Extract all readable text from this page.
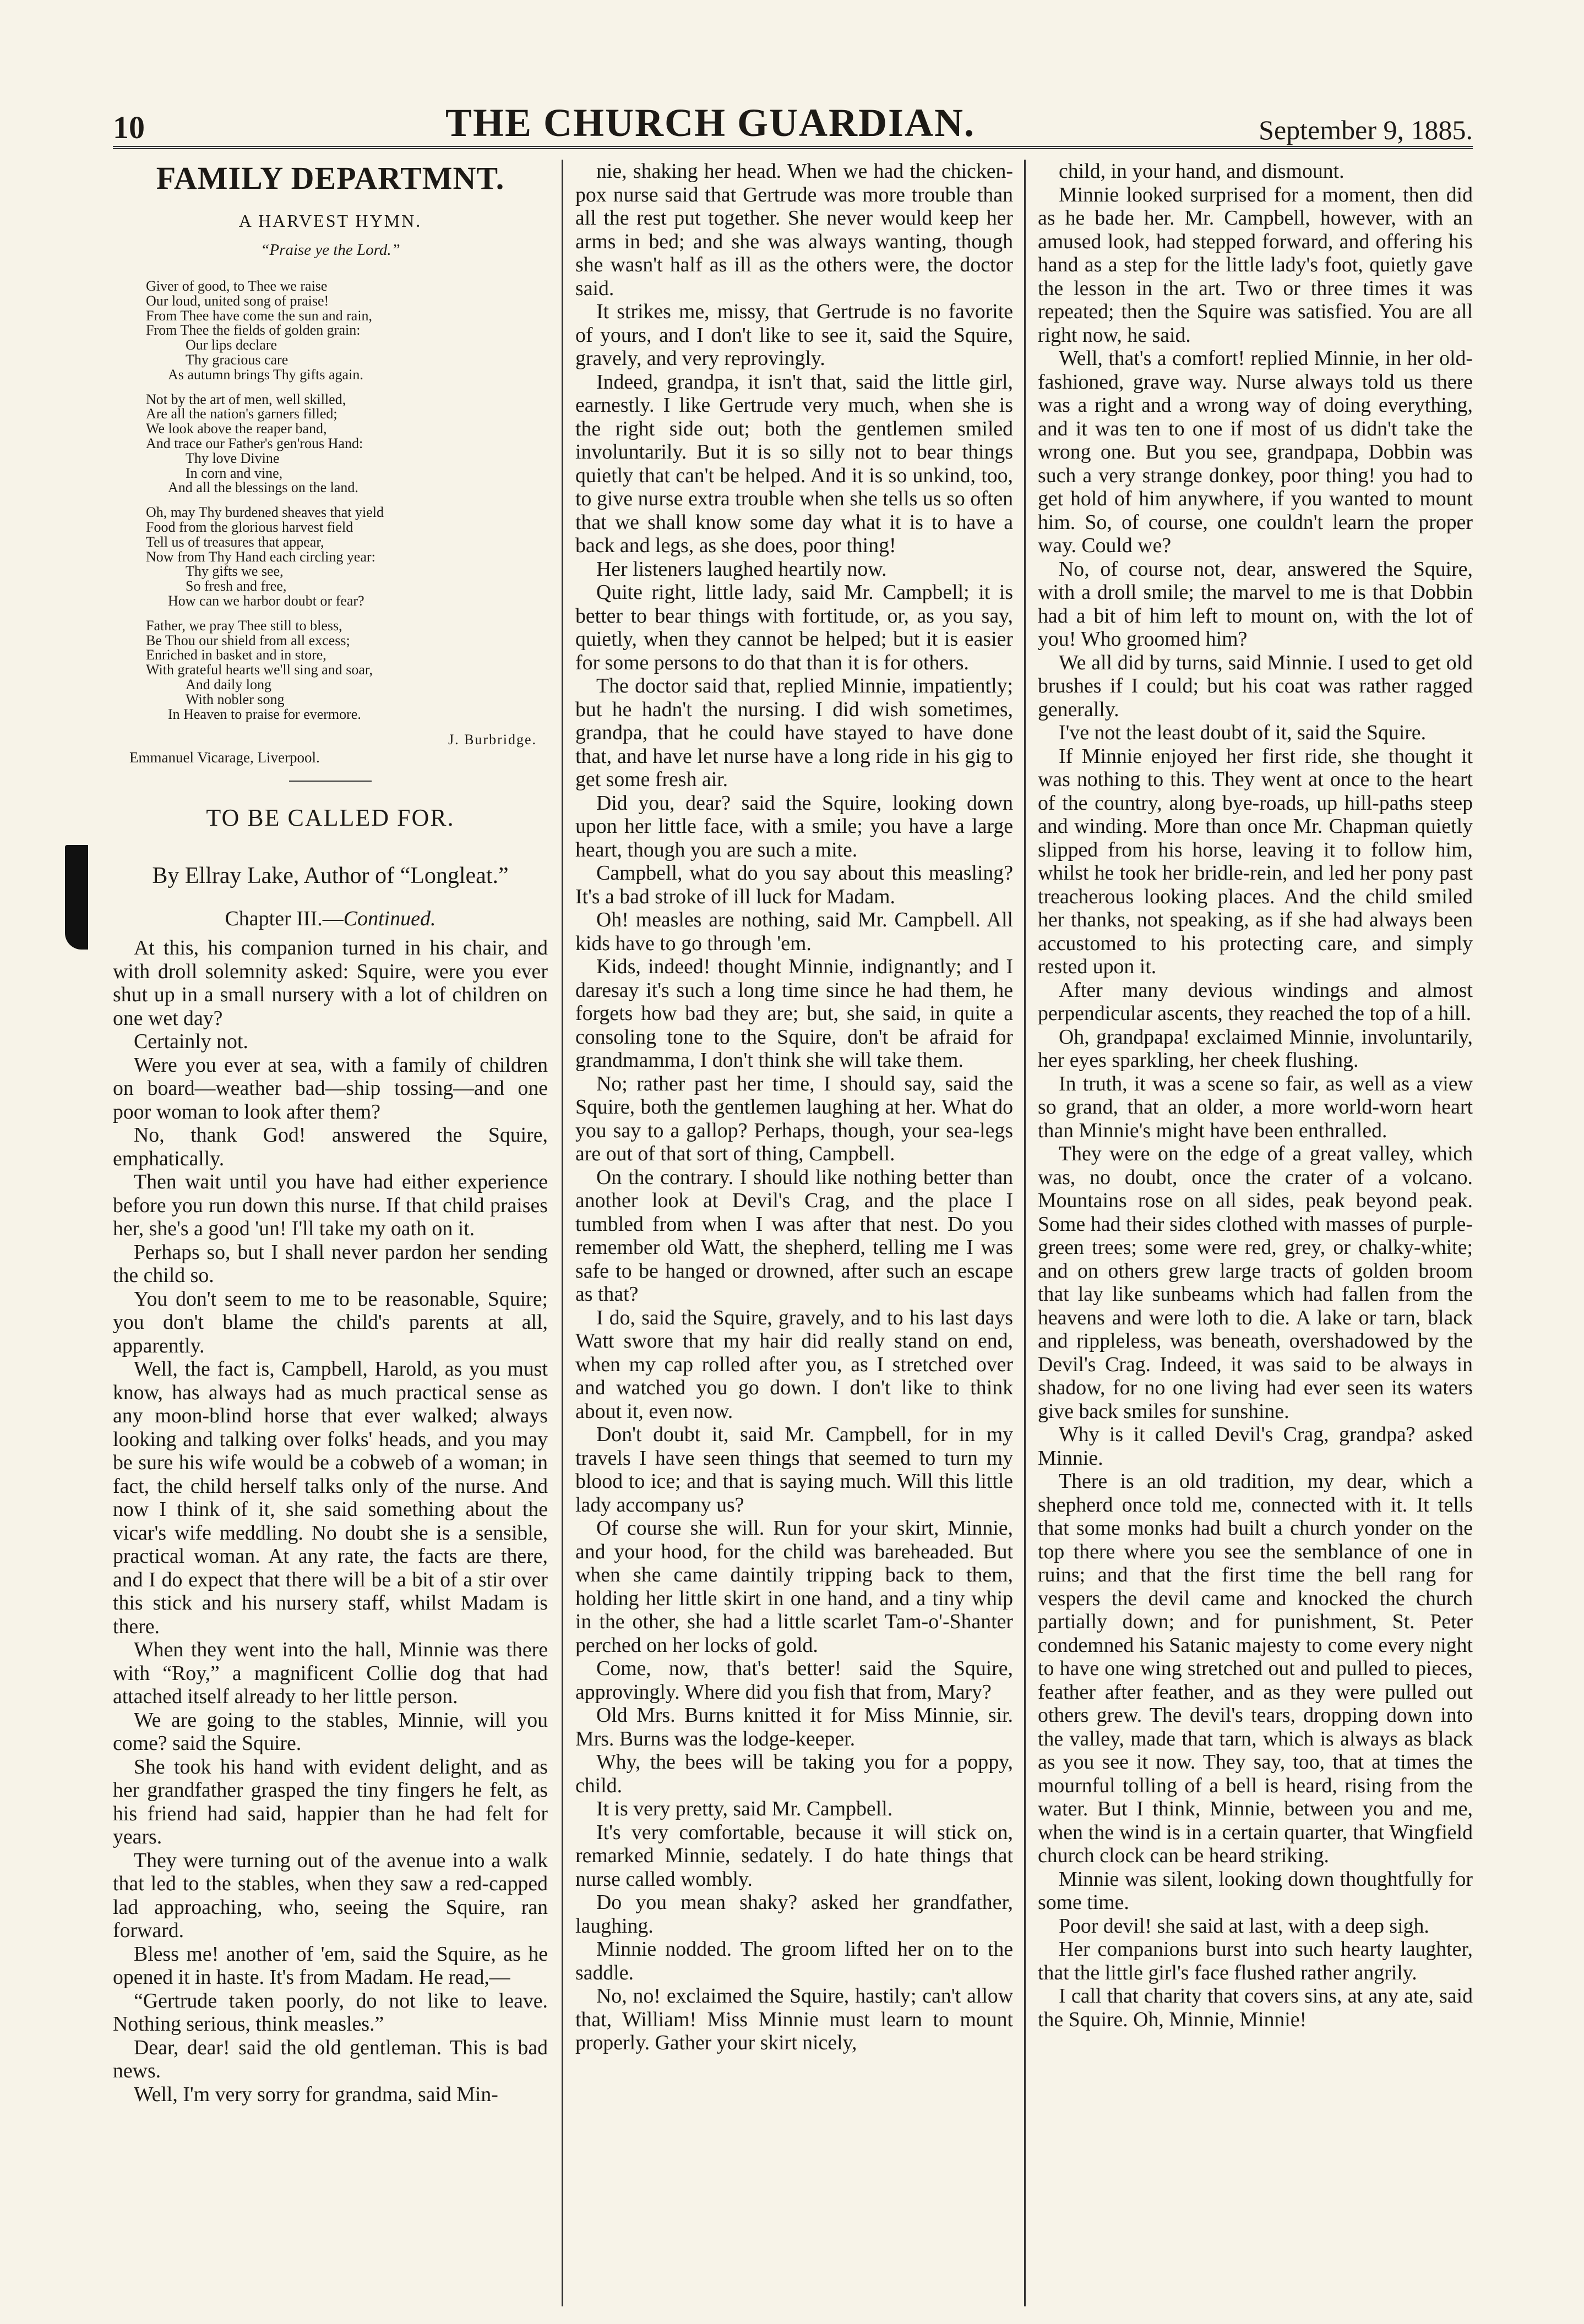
10	THE CHURCH GUARDIAN.	September 9, 1885.
FAMILY DEPARTMNT.
A HARVEST HYMN.
“Praise ye the Lord.”
Giver of good, to Thee we raise
Our loud, united song of praise!
From Thee have come the sun and rain,
From Thee the fields of golden grain:
Our lips declare
Thy gracious care
As autumn brings Thy gifts again.
Not by the art of men, well skilled,
Are all the nation's garners filled;
We look above the reaper band,
And trace our Father's gen'rous Hand:
Thy love Divine
In corn and vine,
And all the blessings on the land.
Oh, may Thy burdened sheaves that yield
Food from the glorious harvest field
Tell us of treasures that appear,
Now from Thy Hand each circling year:
Thy gifts we see,
So fresh and free,
How can we harbor doubt or fear?
Father, we pray Thee still to bless,
Be Thou our shield from all excess;
Enriched in basket and in store,
With grateful hearts we'll sing and soar,
And daily long
With nobler song
In Heaven to praise for evermore.
J. Burbridge.
Emmanuel Vicarage, Liverpool.
TO BE CALLED FOR.
By Ellray Lake, Author of “Longleat.”
Chapter III.—Continued.

At this, his companion turned in his chair, and with droll solemnity asked: Squire, were you ever shut up in a small nursery with a lot of children on one wet day?

Certainly not.

Were you ever at sea, with a family of children on board—weather bad—ship tossing—and one poor woman to look after them?

No, thank God! answered the Squire, emphatically.

Then wait until you have had either experience before you run down this nurse. If that child praises her, she's a good 'un! I'll take my oath on it.

Perhaps so, but I shall never pardon her sending the child so.

You don't seem to me to be reasonable, Squire; you don't blame the child's parents at all, apparently.

Well, the fact is, Campbell, Harold, as you must know, has always had as much practical sense as any moon-blind horse that ever walked; always looking and talking over folks' heads, and you may be sure his wife would be a cobweb of a woman; in fact, the child herself talks only of the nurse. And now I think of it, she said something about the vicar's wife meddling. No doubt she is a sensible, practical woman. At any rate, the facts are there, and I do expect that there will be a bit of a stir over this stick and his nursery staff, whilst Madam is there.

When they went into the hall, Minnie was there with “Roy,” a magnificent Collie dog that had attached itself already to her little person.

We are going to the stables, Minnie, will you come? said the Squire.

She took his hand with evident delight, and as her grandfather grasped the tiny fingers he felt, as his friend had said, happier than he had felt for years.

They were turning out of the avenue into a walk that led to the stables, when they saw a red-capped lad approaching, who, seeing the Squire, ran forward.

Bless me! another of 'em, said the Squire, as he opened it in haste. It's from Madam. He read,—

“Gertrude taken poorly, do not like to leave. Nothing serious, think measles.”

Dear, dear! said the old gentleman. This is bad news.

Well, I'm very sorry for grandma, said Min-

nie, shaking her head. When we had the chicken-pox nurse said that Gertrude was more trouble than all the rest put together. She never would keep her arms in bed; and she was always wanting, though she wasn't half as ill as the others were, the doctor said.

It strikes me, missy, that Gertrude is no favorite of yours, and I don't like to see it, said the Squire, gravely, and very reprovingly.

Indeed, grandpa, it isn't that, said the little girl, earnestly. I like Gertrude very much, when she is the right side out; both the gentlemen smiled involuntarily. But it is so silly not to bear things quietly that can't be helped. And it is so unkind, too, to give nurse extra trouble when she tells us so often that we shall know some day what it is to have a back and legs, as she does, poor thing!

Her listeners laughed heartily now.

Quite right, little lady, said Mr. Campbell; it is better to bear things with fortitude, or, as you say, quietly, when they cannot be helped; but it is easier for some persons to do that than it is for others.

The doctor said that, replied Minnie, impatiently; but he hadn't the nursing. I did wish sometimes, grandpa, that he could have stayed to have done that, and have let nurse have a long ride in his gig to get some fresh air.

Did you, dear? said the Squire, looking down upon her little face, with a smile; you have a large heart, though you are such a mite.

Campbell, what do you say about this measling? It's a bad stroke of ill luck for Madam.

Oh! measles are nothing, said Mr. Campbell. All kids have to go through 'em.

Kids, indeed! thought Minnie, indignantly; and I daresay it's such a long time since he had them, he forgets how bad they are; but, she said, in quite a consoling tone to the Squire, don't be afraid for grandmamma, I don't think she will take them.

No; rather past her time, I should say, said the Squire, both the gentlemen laughing at her. What do you say to a gallop? Perhaps, though, your sea-legs are out of that sort of thing, Campbell.

On the contrary. I should like nothing better than another look at Devil's Crag, and the place I tumbled from when I was after that nest. Do you remember old Watt, the shepherd, telling me I was safe to be hanged or drowned, after such an escape as that?

I do, said the Squire, gravely, and to his last days Watt swore that my hair did really stand on end, when my cap rolled after you, as I stretched over and watched you go down. I don't like to think about it, even now.

Don't doubt it, said Mr. Campbell, for in my travels I have seen things that seemed to turn my blood to ice; and that is saying much. Will this little lady accompany us?

Of course she will. Run for your skirt, Minnie, and your hood, for the child was bareheaded. But when she came daintily tripping back to them, holding her little skirt in one hand, and a tiny whip in the other, she had a little scarlet Tam-o'-Shanter perched on her locks of gold.

Come, now, that's better! said the Squire, approvingly. Where did you fish that from, Mary?

Old Mrs. Burns knitted it for Miss Minnie, sir. Mrs. Burns was the lodge-keeper.

Why, the bees will be taking you for a poppy, child.

It is very pretty, said Mr. Campbell.

It's very comfortable, because it will stick on, remarked Minnie, sedately. I do hate things that nurse called wombly.

Do you mean shaky? asked her grandfather, laughing.

Minnie nodded. The groom lifted her on to the saddle.

No, no! exclaimed the Squire, hastily; can't allow that, William! Miss Minnie must learn to mount properly. Gather your skirt nicely,

child, in your hand, and dismount.

Minnie looked surprised for a moment, then did as he bade her. Mr. Campbell, however, with an amused look, had stepped forward, and offering his hand as a step for the little lady's foot, quietly gave the lesson in the art. Two or three times it was repeated; then the Squire was satisfied. You are all right now, he said.

Well, that's a comfort! replied Minnie, in her old-fashioned, grave way. Nurse always told us there was a right and a wrong way of doing everything, and it was ten to one if most of us didn't take the wrong one. But you see, grandpapa, Dobbin was such a very strange donkey, poor thing! you had to get hold of him anywhere, if you wanted to mount him. So, of course, one couldn't learn the proper way. Could we?

No, of course not, dear, answered the Squire, with a droll smile; the marvel to me is that Dobbin had a bit of him left to mount on, with the lot of you! Who groomed him?

We all did by turns, said Minnie. I used to get old brushes if I could; but his coat was rather ragged generally.

I've not the least doubt of it, said the Squire.

If Minnie enjoyed her first ride, she thought it was nothing to this. They went at once to the heart of the country, along bye-roads, up hill-paths steep and winding. More than once Mr. Chapman quietly slipped from his horse, leaving it to follow him, whilst he took her bridle-rein, and led her pony past treacherous looking places. And the child smiled her thanks, not speaking, as if she had always been accustomed to his protecting care, and simply rested upon it.

After many devious windings and almost perpendicular ascents, they reached the top of a hill.

Oh, grandpapa! exclaimed Minnie, involuntarily, her eyes sparkling, her cheek flushing.

In truth, it was a scene so fair, as well as a view so grand, that an older, a more world-worn heart than Minnie's might have been enthralled.

They were on the edge of a great valley, which was, no doubt, once the crater of a volcano. Mountains rose on all sides, peak beyond peak. Some had their sides clothed with masses of purple-green trees; some were red, grey, or chalky-white; and on others grew large tracts of golden broom that lay like sunbeams which had fallen from the heavens and were loth to die. A lake or tarn, black and rippleless, was beneath, overshadowed by the Devil's Crag. Indeed, it was said to be always in shadow, for no one living had ever seen its waters give back smiles for sunshine.

Why is it called Devil's Crag, grandpa? asked Minnie.

There is an old tradition, my dear, which a shepherd once told me, connected with it. It tells that some monks had built a church yonder on the top there where you see the semblance of one in ruins; and that the first time the bell rang for vespers the devil came and knocked the church partially down; and for punishment, St. Peter condemned his Satanic majesty to come every night to have one wing stretched out and pulled to pieces, feather after feather, and as they were pulled out others grew. The devil's tears, dropping down into the valley, made that tarn, which is always as black as you see it now. They say, too, that at times the mournful tolling of a bell is heard, rising from the water. But I think, Minnie, between you and me, when the wind is in a certain quarter, that Wingfield church clock can be heard striking.

Minnie was silent, looking down thoughtfully for some time.

Poor devil! she said at last, with a deep sigh.

Her companions burst into such hearty laughter, that the little girl's face flushed rather angrily.

I call that charity that covers sins, at any ate, said the Squire. Oh, Minnie, Minnie!
